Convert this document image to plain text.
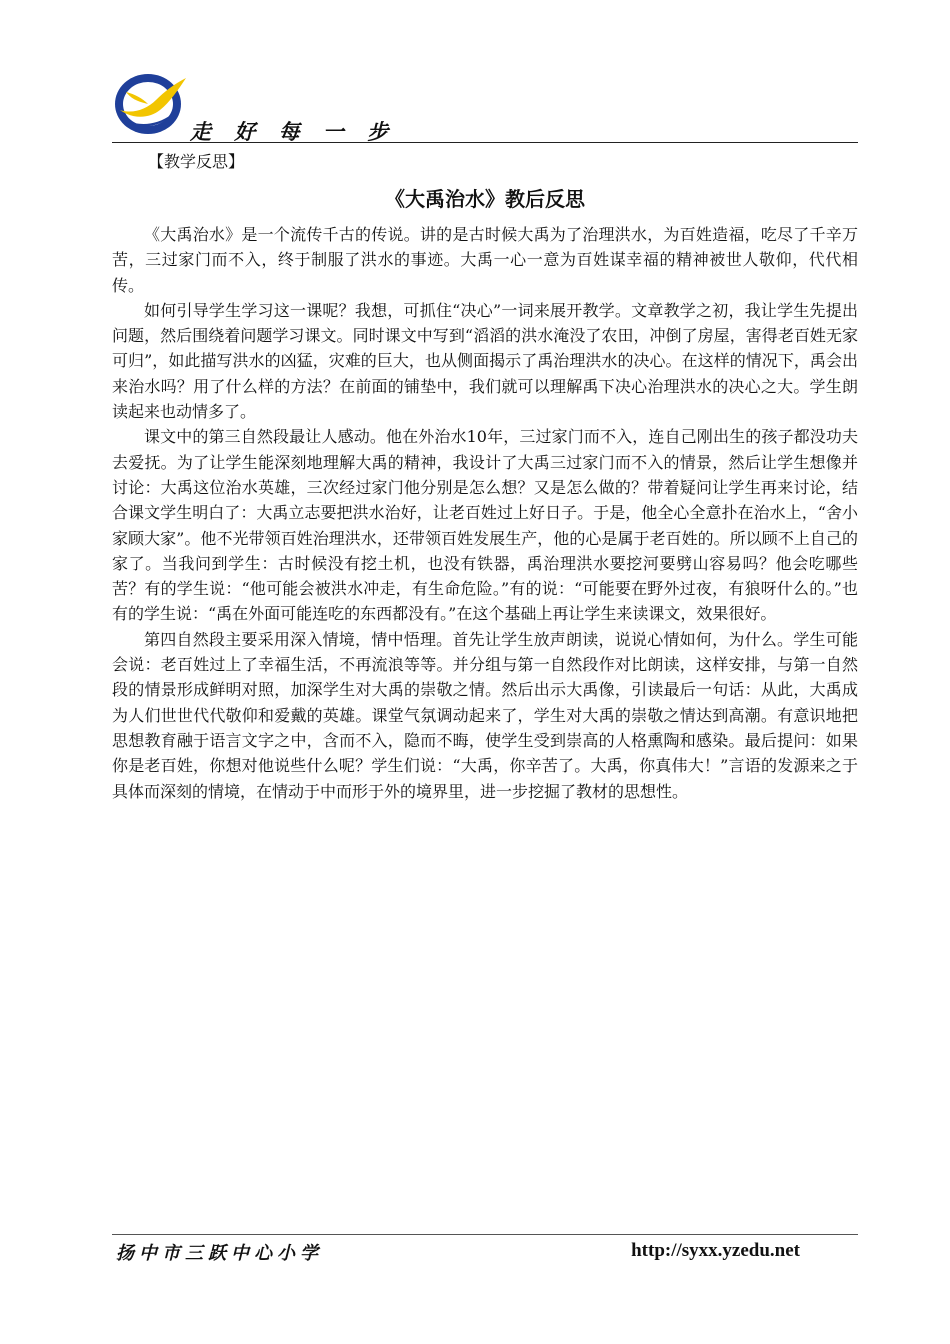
走 好 每 一 步
【教学反思】
《大禹治水》教后反思

《大禹治水》是一个流传千古的传说。讲的是古时候大禹为了治理洪水，为百姓造福，吃尽了千辛万苦，三过家门而不入，终于制服了洪水的事迹。大禹一心一意为百姓谋幸福的精神被世人敬仰，代代相传。

如何引导学生学习这一课呢？我想，可抓住“决心”一词来展开教学。文章教学之初，我让学生先提出问题，然后围绕着问题学习课文。同时课文中写到“滔滔的洪水淹没了农田，冲倒了房屋，害得老百姓无家可归”，如此描写洪水的凶猛，灾难的巨大，也从侧面揭示了禹治理洪水的决心。在这样的情况下，禹会出来治水吗？用了什么样的方法？在前面的铺垫中，我们就可以理解禹下决心治理洪水的决心之大。学生朗读起来也动情多了。

课文中的第三自然段最让人感动。他在外治水10年，三过家门而不入，连自己刚出生的孩子都没功夫去爱抚。为了让学生能深刻地理解大禹的精神，我设计了大禹三过家门而不入的情景，然后让学生想像并讨论：大禹这位治水英雄，三次经过家门他分别是怎么想？又是怎么做的？带着疑问让学生再来讨论，结合课文学生明白了：大禹立志要把洪水治好，让老百姓过上好日子。于是，他全心全意扑在治水上，“舍小家顾大家”。他不光带领百姓治理洪水，还带领百姓发展生产，他的心是属于老百姓的。所以顾不上自己的家了。当我问到学生：古时候没有挖土机，也没有铁器，禹治理洪水要挖河要劈山容易吗？他会吃哪些苦？有的学生说：“他可能会被洪水冲走，有生命危险。”有的说：“可能要在野外过夜，有狼呀什么的。”也有的学生说：“禹在外面可能连吃的东西都没有。”在这个基础上再让学生来读课文，效果很好。

第四自然段主要采用深入情境，情中悟理。首先让学生放声朗读，说说心情如何，为什么。学生可能会说：老百姓过上了幸福生活，不再流浪等等。并分组与第一自然段作对比朗读，这样安排，与第一自然段的情景形成鲜明对照，加深学生对大禹的崇敬之情。然后出示大禹像，引读最后一句话：从此，大禹成为人们世世代代敬仰和爱戴的英雄。课堂气氛调动起来了，学生对大禹的崇敬之情达到高潮。有意识地把思想教育融于语言文字之中，含而不入，隐而不晦，使学生受到崇高的人格熏陶和感染。最后提问：如果你是老百姓，你想对他说些什么呢？学生们说：“大禹，你辛苦了。大禹，你真伟大！”言语的发源来之于具体而深刻的情境，在情动于中而形于外的境界里，进一步挖掘了教材的思想性。

扬中市三跃中心小学	http://syxx.yzedu.net
